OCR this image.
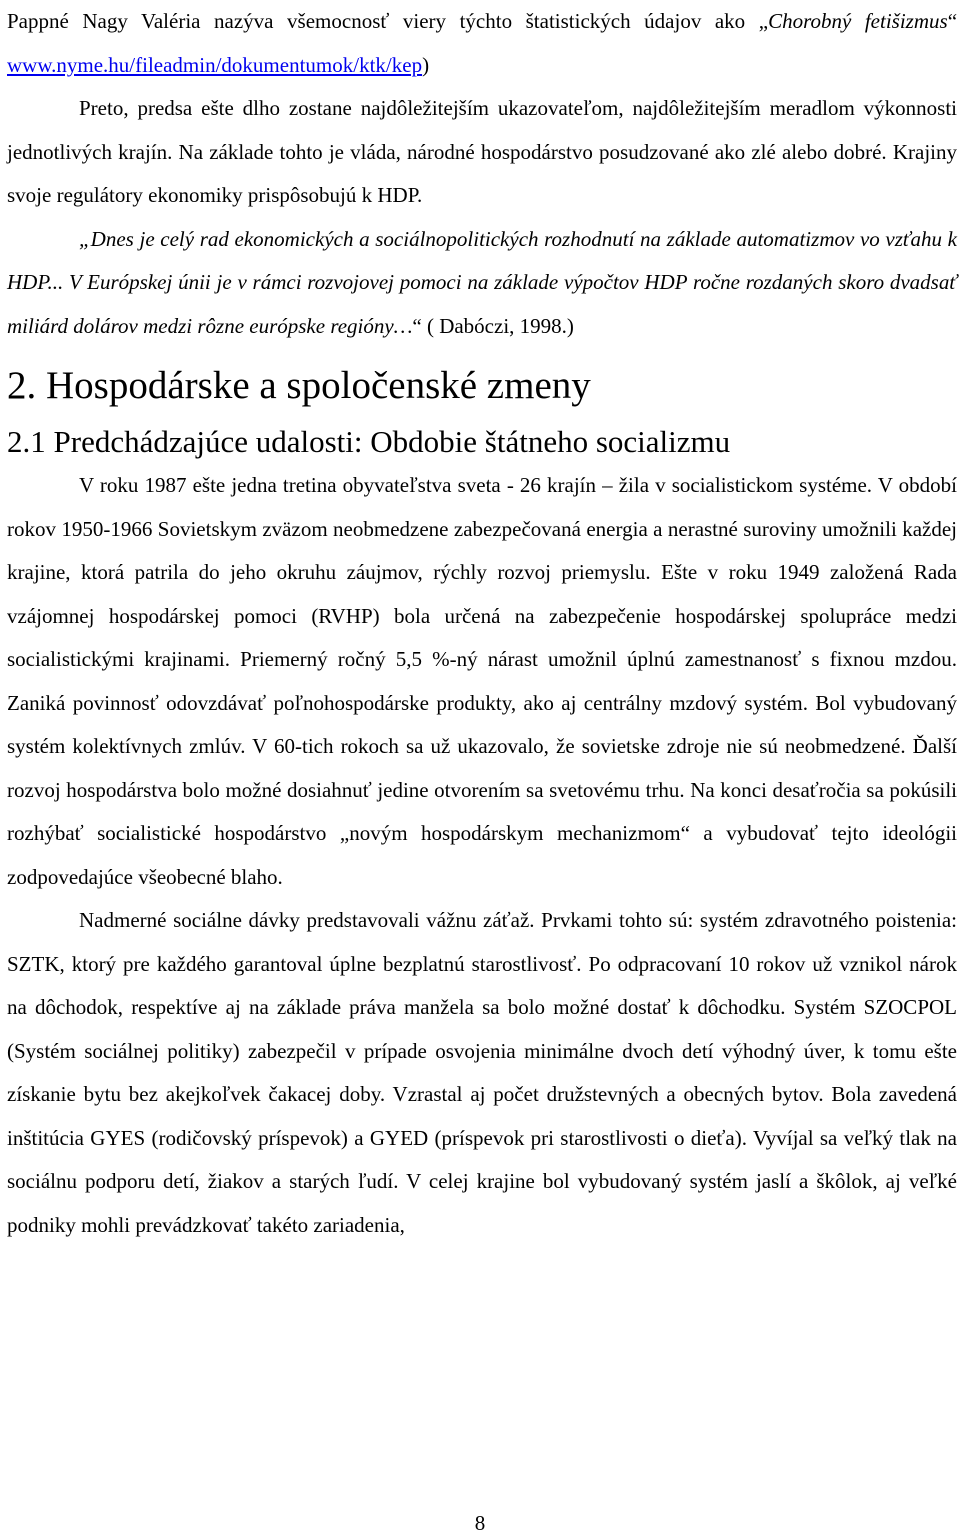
Pappné Nagy Valéria nazýva všemocnosť viery týchto štatistických údajov ako „Chorobný fetišizmus“ www.nyme.hu/fileadmin/dokumentumok/ktk/kep)

Preto, predsa ešte dlho zostane najdôležitejším ukazovateľom, najdôležitejším meradlom výkonnosti jednotlivých krajín. Na základe tohto je vláda, národné hospodárstvo posudzované ako zlé alebo dobré. Krajiny svoje regulátory ekonomiky prispôsobujú k HDP.

„Dnes je celý rad ekonomických a sociálnopolitických rozhodnutí na základe automatizmov vo vzťahu k HDP... V Európskej únii je v rámci rozvojovej pomoci na základe výpočtov HDP ročne rozdaných skoro dvadsať miliárd dolárov medzi rôzne európske regióny…“ ( Dabóczi, 1998.)

2. Hospodárske a spoločenské zmeny
2.1 Predchádzajúce udalosti: Obdobie štátneho socializmu

V roku 1987 ešte jedna tretina obyvateľstva sveta - 26 krajín – žila v socialistickom systéme. V období rokov 1950-1966 Sovietskym zväzom neobmedzene zabezpečovaná energia a nerastné suroviny umožnili každej krajine, ktorá patrila do jeho okruhu záujmov, rýchly rozvoj priemyslu. Ešte v roku 1949 založená Rada vzájomnej hospodárskej pomoci (RVHP) bola určená na zabezpečenie hospodárskej spolupráce medzi socialistickými krajinami. Priemerný ročný 5,5 %-ný nárast umožnil úplnú zamestnanosť s fixnou mzdou. Zaniká povinnosť odovzdávať poľnohospodárske produkty, ako aj centrálny mzdový systém. Bol vybudovaný systém kolektívnych zmlúv. V 60-tich rokoch sa už ukazovalo, že sovietske zdroje nie sú neobmedzené. Ďalší rozvoj hospodárstva bolo možné dosiahnuť jedine otvorením sa svetovému trhu. Na konci desaťročia sa pokúsili rozhýbať socialistické hospodárstvo „novým hospodárskym mechanizmom“ a vybudovať tejto ideológii zodpovedajúce všeobecné blaho.

Nadmerné sociálne dávky predstavovali vážnu záťaž. Prvkami tohto sú: systém zdravotného poistenia: SZTK, ktorý pre každého garantoval úplne bezplatnú starostlivosť. Po odpracovaní 10 rokov už vznikol nárok na dôchodok, respektíve aj na základe práva manžela sa bolo možné dostať k dôchodku. Systém SZOCPOL (Systém sociálnej politiky) zabezpečil v prípade osvojenia minimálne dvoch detí výhodný úver, k tomu ešte získanie bytu bez akejkoľvek čakacej doby. Vzrastal aj počet družstevných a obecných bytov. Bola zavedená inštitúcia GYES (rodičovský príspevok) a GYED (príspevok pri starostlivosti o dieťa). Vyvíjal sa veľký tlak na sociálnu podporu detí, žiakov a starých ľudí. V celej krajine bol vybudovaný systém jaslí a škôlok, aj veľké podniky mohli prevádzkovať takéto zariadenia,

8
